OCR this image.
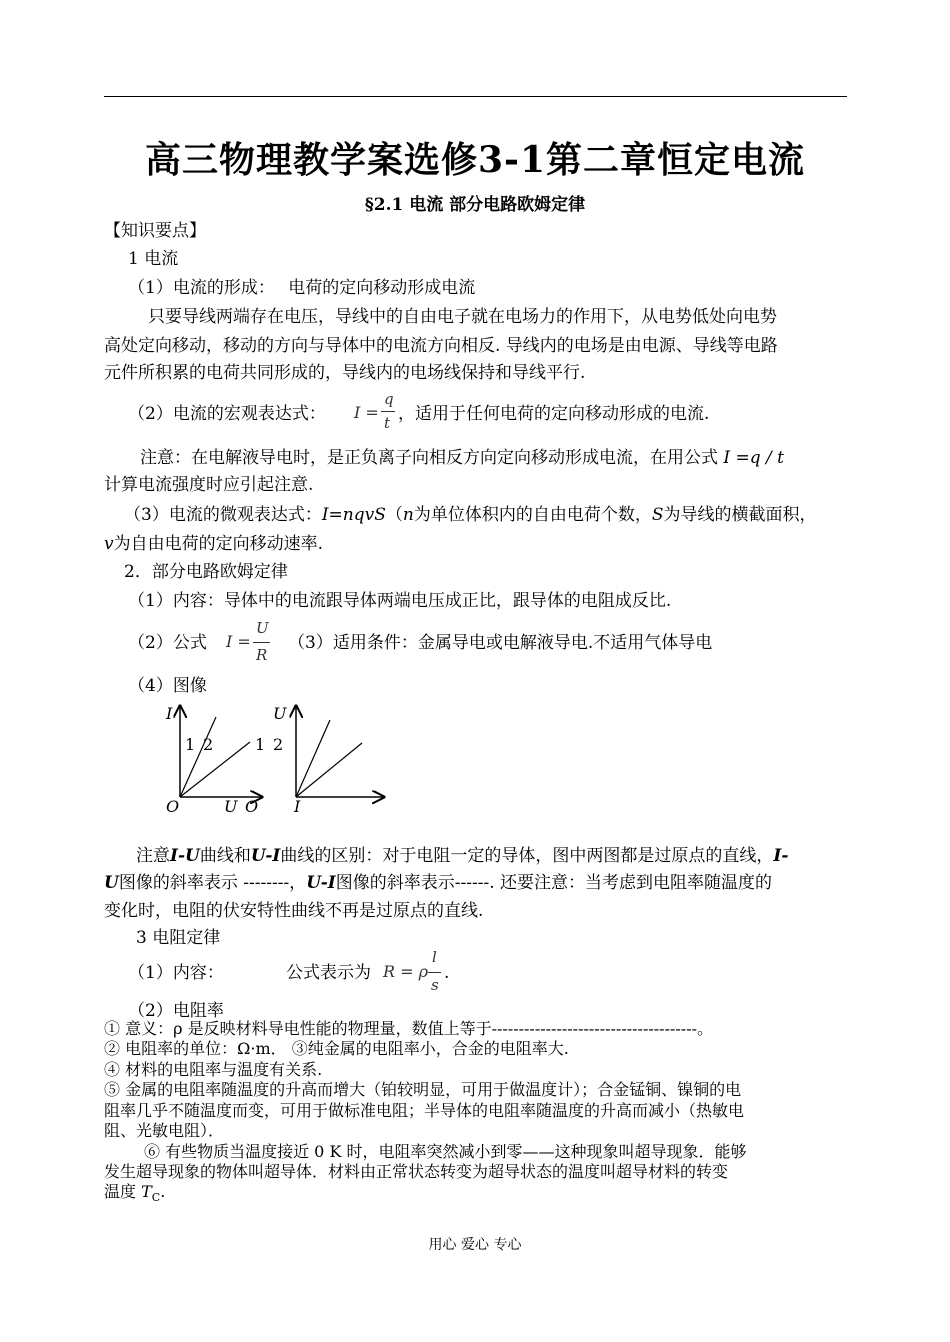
高三物理教学案选修3-1第二章恒定电流
§2.1 电流 部分电路欧姆定律
【知识要点】
1 电流
（1）电流的形成： 电荷的定向移动形成电流
只要导线两端存在电压，导线中的自由电子就在电场力的作用下，从电势低处向电势
高处定向移动，移动的方向与导体中的电流方向相反. 导线内的电场是由电源、导线等电路
元件所积累的电荷共同形成的，导线内的电场线保持和导线平行.
（2）电流的宏观表达式： I =
q
t ，适用于任何电荷的定向移动形成的电流.
注意：在电解液导电时，是正负离子向相反方向定向移动形成电流，在用公式 I =q / t
计算电流强度时应引起注意.
（3）电流的微观表达式：I=nqvS（n为单位体积内的自由电荷个数，S为导线的横截面积，
v为自由电荷的定向移动速率.
2．部分电路欧姆定律
（1）内容：导体中的电流跟导体两端电压成正比，跟导体的电阻成反比.
（2）公式 I =
U
R
（3）适用条件：金属导电或电解液导电.不适用气体导电
（4）图像
I
1 2
O	U
U
1 2
O I
注意I-U曲线和U-I曲线的区别：对于电阻一定的导体，图中两图都是过原点的直线，I-
U图像的斜率表示 --------，U-I图像的斜率表示------. 还要注意：当考虑到电阻率随温度的
变化时，电阻的伏安特性曲线不再是过原点的直线.
3 电阻定律
（1）内容：	公式表示为 R = ρ
l
s
.
（2）电阻率
① 意义：ρ 是反映材料导电性能的物理量，数值上等于--------------------------------------。
② 电阻率的单位：Ω·m． ③纯金属的电阻率小，合金的电阻率大.
④ 材料的电阻率与温度有关系.
⑤ 金属的电阻率随温度的升高而增大（铂较明显，可用于做温度计）；合金锰铜、镍铜的电
阻率几乎不随温度而变，可用于做标准电阻；半导体的电阻率随温度的升高而减小（热敏电
阻、光敏电阻）．
⑥ 有些物质当温度接近 0 K 时，电阻率突然减小到零——这种现象叫超导现象．能够
发生超导现象的物体叫超导体．材料由正常状态转变为超导状态的温度叫超导材料的转变
温度 $T_C$.
用心 爱心 专心
